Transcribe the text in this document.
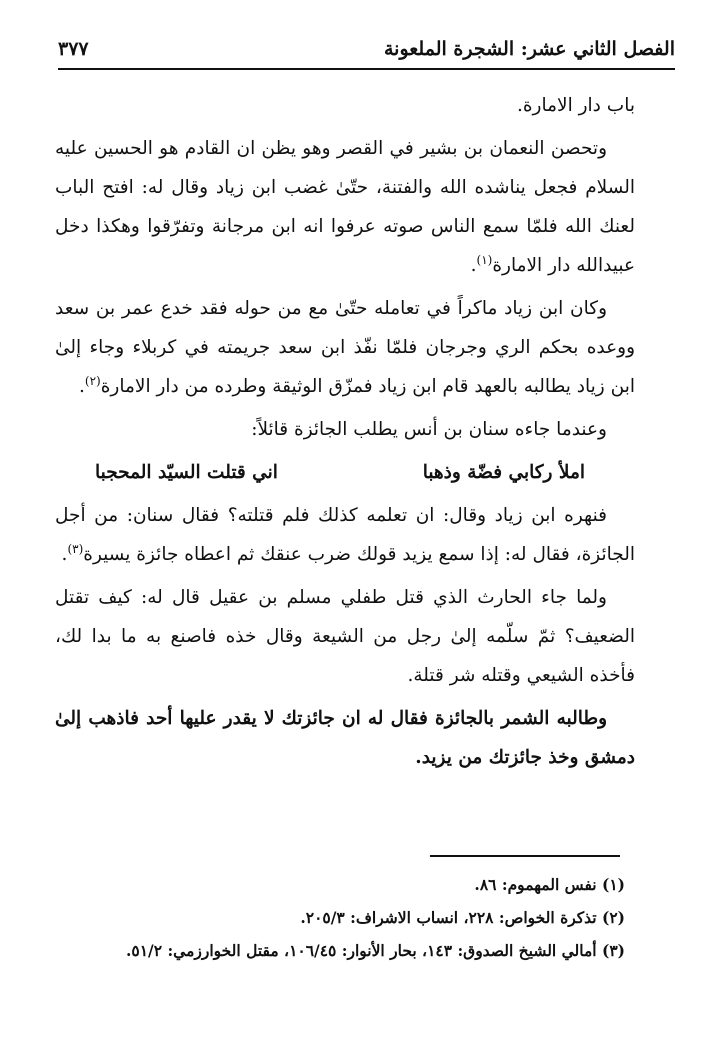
الفصل الثاني عشر: الشجرة الملعونة
٣٧٧

باب دار الامارة.

وتحصن النعمان بن بشير في القصر وهو يظن ان القادم هو الحسين عليه السلام فجعل يناشده الله والفتنة، حتّىٰ غضب ابن زياد وقال له: افتح الباب لعنك الله فلمّا سمع الناس صوته عرفوا انه ابن مرجانة وتفرّقوا وهكذا دخل عبيدالله دار الامارة$^{(١)}$.

وكان ابن زياد ماكراً في تعامله حتّىٰ مع من حوله فقد خدع عمر بن سعد ووعده بحكم الري وجرجان فلمّا نفّذ ابن سعد جريمته في كربلاء وجاء إلىٰ ابن زياد يطالبه بالعهد قام ابن زياد فمزّق الوثيقة وطرده من دار الامارة$^{(٢)}$.

وعندما جاءه سنان بن أنس يطلب الجائزة قائلاً:

املأ ركابي فضّة وذهبا
اني قتلت السيّد المحجبا

فنهره ابن زياد وقال: ان تعلمه كذلك فلم قتلته؟ فقال سنان: من أجل الجائزة، فقال له: إذا سمع يزيد قولك ضرب عنقك ثم اعطاه جائزة يسيرة$^{(٣)}$.

ولما جاء الحارث الذي قتل طفلي مسلم بن عقيل قال له: كيف تقتل الضعيف؟ ثمّ سلّمه إلىٰ رجل من الشيعة وقال خذه فاصنع به ما بدا لك، فأخذه الشيعي وقتله شر قتلة.

وطالبه الشمر بالجائزة فقال له ان جائزتك لا يقدر عليها أحد فاذهب إلىٰ دمشق وخذ جائزتك من يزيد.

(١) نفس المهموم: ٨٦.
(٢) تذكرة الخواص: ٢٢٨، انساب الاشراف: ٢٠٥/٣.
(٣) أمالي الشيخ الصدوق: ١٤٣، بحار الأنوار: ١٠٦/٤٥، مقتل الخوارزمي: ٥١/٢.
